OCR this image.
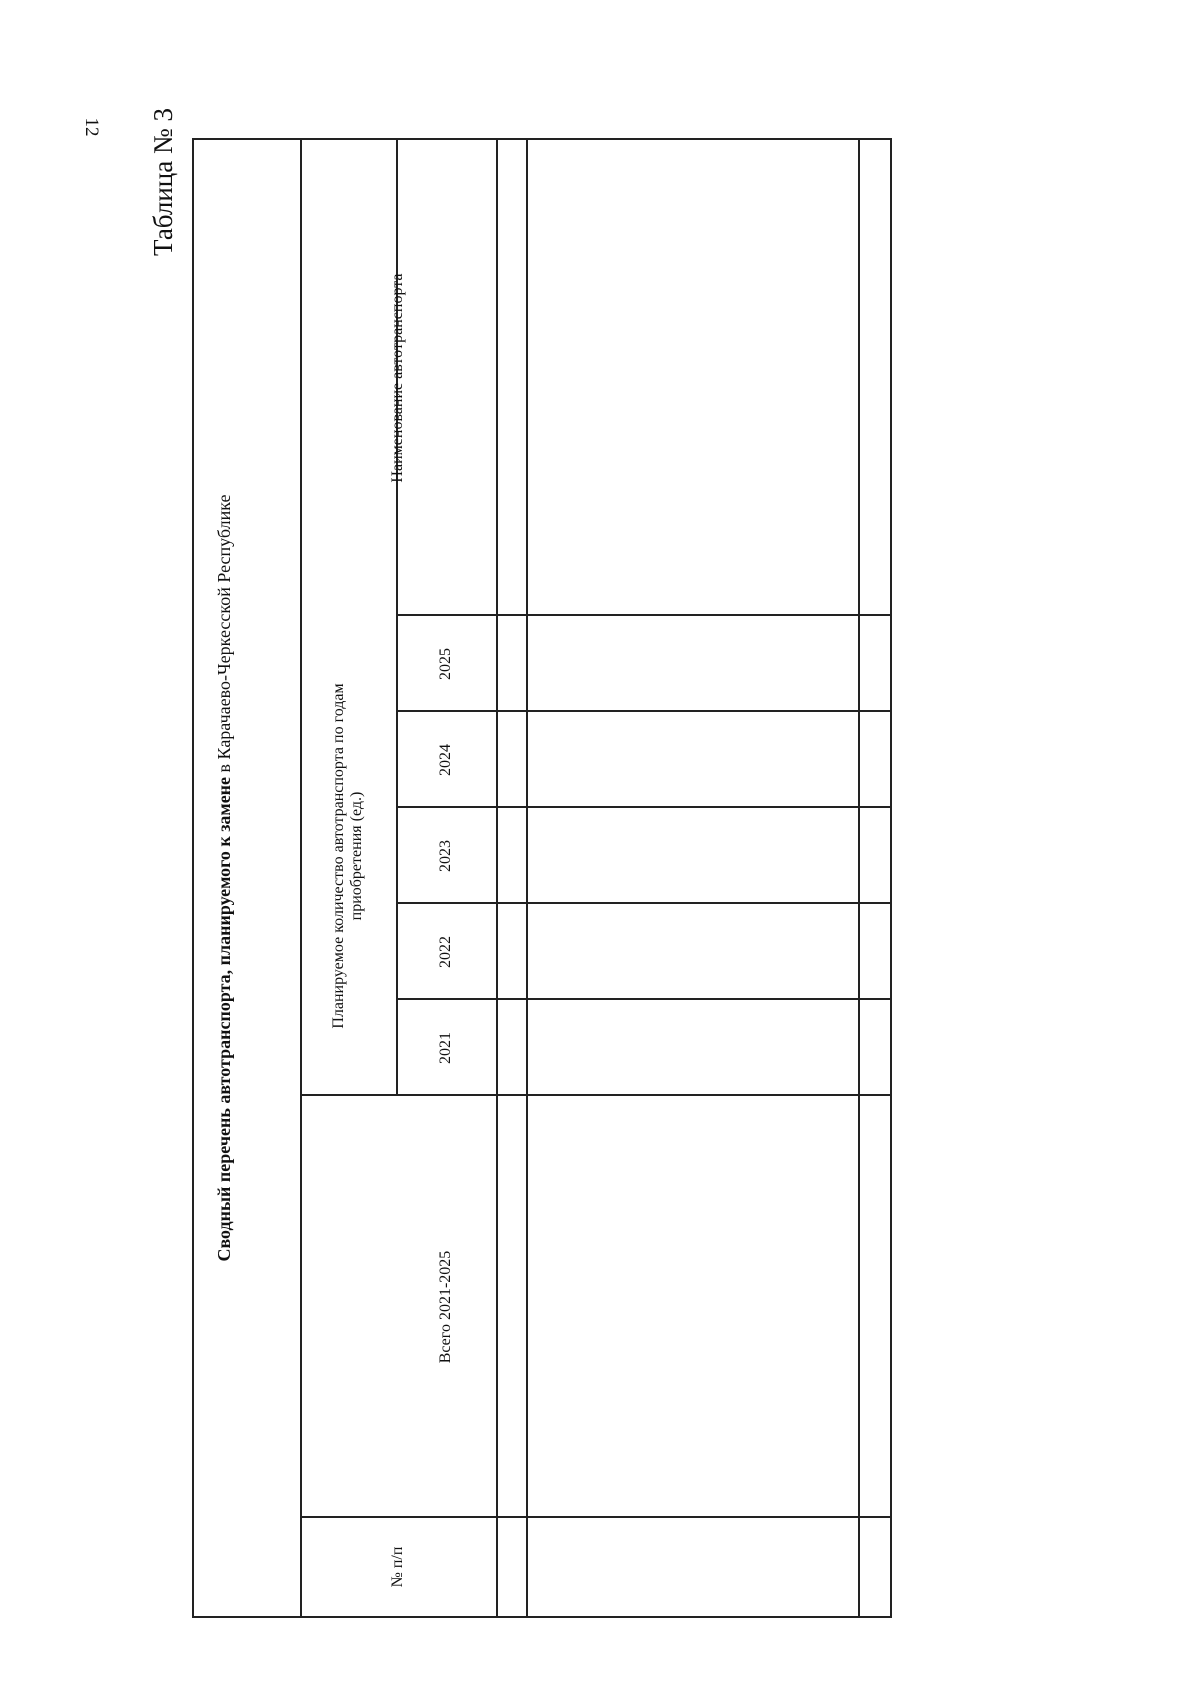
12 Таблица № 3
Сводный перечень автотранспорта, планируемого к замене в Карачаево-Черкесской Республике
№ п/п
Наименование автотранспорта
Планируемое количество автотранспорта по годам приобретения (ед.)
2021
2022
2023
2024
2025
Всего 2021-2025
